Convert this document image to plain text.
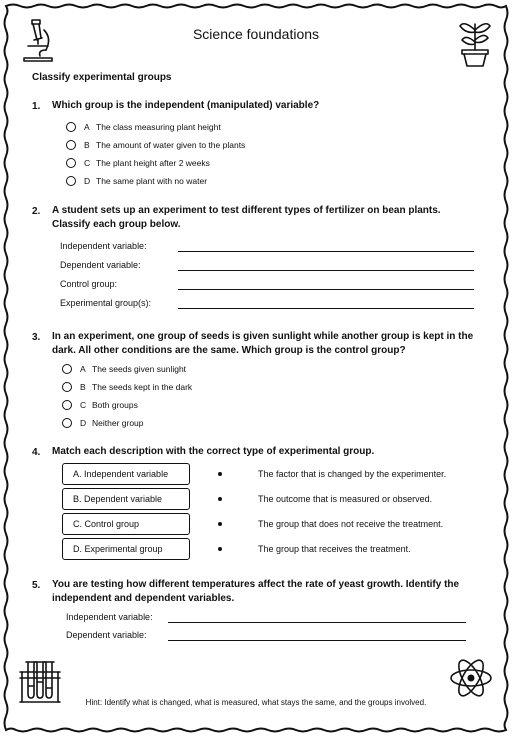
Science foundations
Classify experimental groups
1. Which group is the independent (manipulated) variable?
A The class measuring plant height
B The amount of water given to the plants
C The plant height after 2 weeks
D The same plant with no water
2. A student sets up an experiment to test different types of fertilizer on bean plants.
Classify each group below.
Independent variable:
Dependent variable:
Control group:
Experimental group(s):
3. In an experiment, one group of seeds is given sunlight while another group is kept in the
dark. All other conditions are the same. Which group is the control group?
A The seeds given sunlight
B The seeds kept in the dark
C Both groups
D Neither group
4. Match each description with the correct type of experimental group.
A. Independent variable	The factor that is changed by the experimenter.
B. Dependent variable	The outcome that is measured or observed.
C. Control group	The group that does not receive the treatment.
D. Experimental group	The group that receives the treatment.
5. You are testing how different temperatures affect the rate of yeast growth. Identify the
independent and dependent variables.
Independent variable:
Dependent variable:
Hint: Identify what is changed, what is measured, what stays the same, and the groups involved.
